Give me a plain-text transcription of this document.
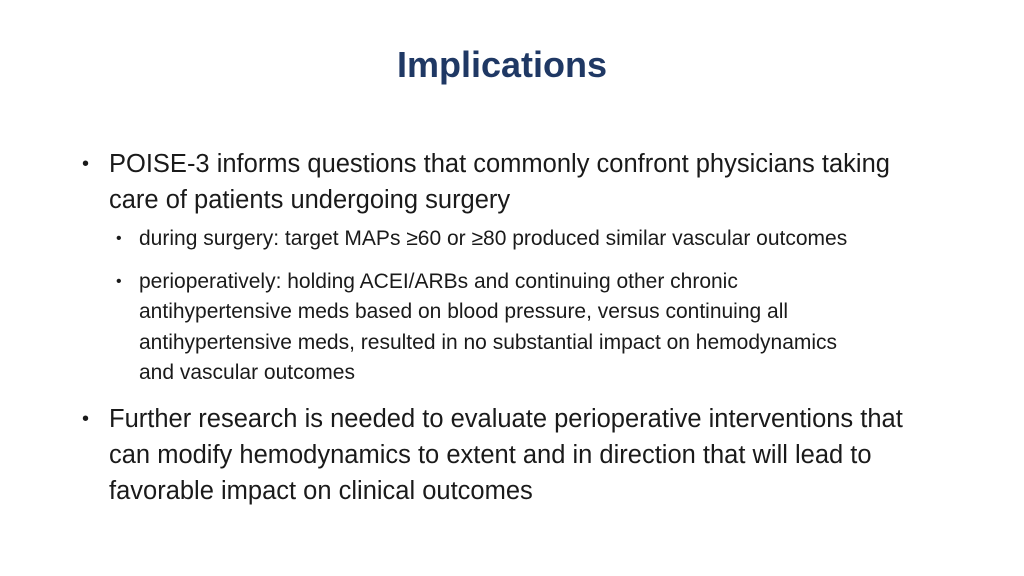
Implications
• POISE-3 informs questions that commonly confront physicians taking care of patients undergoing surgery
• during surgery: target MAPs ≥60 or ≥80 produced similar vascular outcomes
• perioperatively: holding ACEI/ARBs and continuing other chronic antihypertensive meds based on blood pressure, versus continuing all antihypertensive meds, resulted in no substantial impact on hemodynamics and vascular outcomes
• Further research is needed to evaluate perioperative interventions that can modify hemodynamics to extent and in direction that will lead to favorable impact on clinical outcomes
